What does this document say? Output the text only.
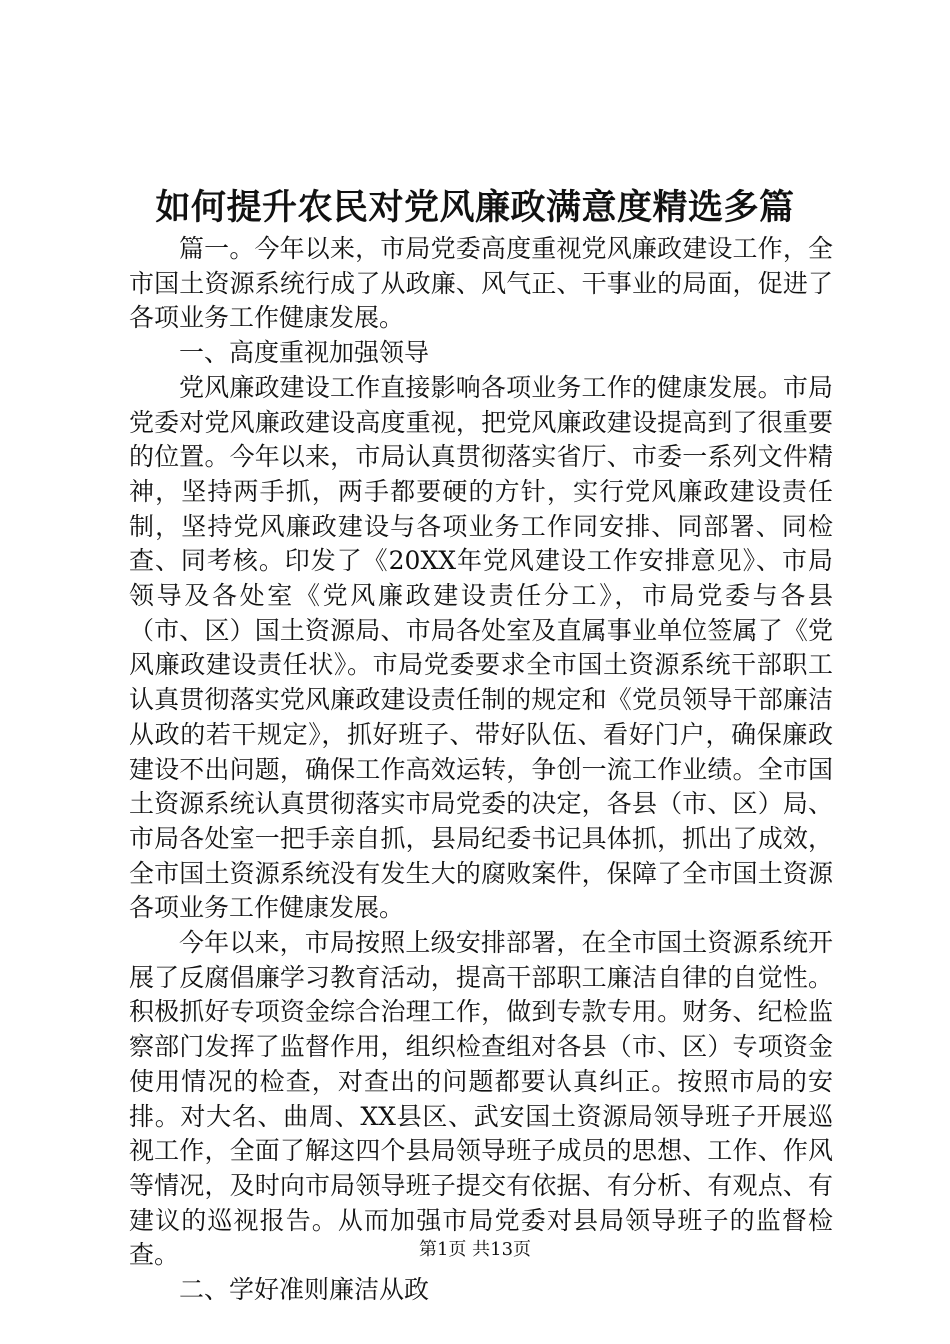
如何提升农民对党风廉政满意度精选多篇

篇一。今年以来，市局党委高度重视党风廉政建设工作，全市国土资源系统行成了从政廉、风气正、干事业的局面，促进了各项业务工作健康发展。

一、高度重视加强领导

党风廉政建设工作直接影响各项业务工作的健康发展。市局党委对党风廉政建设高度重视，把党风廉政建设提高到了很重要的位置。今年以来，市局认真贯彻落实省厅、市委一系列文件精神，坚持两手抓，两手都要硬的方针，实行党风廉政建设责任制，坚持党风廉政建设与各项业务工作同安排、同部署、同检查、同考核。印发了《20XX年党风建设工作安排意见》、市局领导及各处室《党风廉政建设责任分工》，市局党委与各县（市、区）国土资源局、市局各处室及直属事业单位签属了《党风廉政建设责任状》。市局党委要求全市国土资源系统干部职工认真贯彻落实党风廉政建设责任制的规定和《党员领导干部廉洁从政的若干规定》，抓好班子、带好队伍、看好门户，确保廉政建设不出问题，确保工作高效运转，争创一流工作业绩。全市国土资源系统认真贯彻落实市局党委的决定，各县（市、区）局、市局各处室一把手亲自抓，县局纪委书记具体抓，抓出了成效，全市国土资源系统没有发生大的腐败案件，保障了全市国土资源各项业务工作健康发展。

今年以来，市局按照上级安排部署，在全市国土资源系统开展了反腐倡廉学习教育活动，提高干部职工廉洁自律的自觉性。积极抓好专项资金综合治理工作，做到专款专用。财务、纪检监察部门发挥了监督作用，组织检查组对各县（市、区）专项资金使用情况的检查，对查出的问题都要认真纠正。按照市局的安排。对大名、曲周、XX县区、武安国土资源局领导班子开展巡视工作，全面了解这四个县局领导班子成员的思想、工作、作风等情况，及时向市局领导班子提交有依据、有分析、有观点、有建议的巡视报告。从而加强市局党委对县局领导班子的监督检查。

二、学好准则廉洁从政

第1页 共13页
